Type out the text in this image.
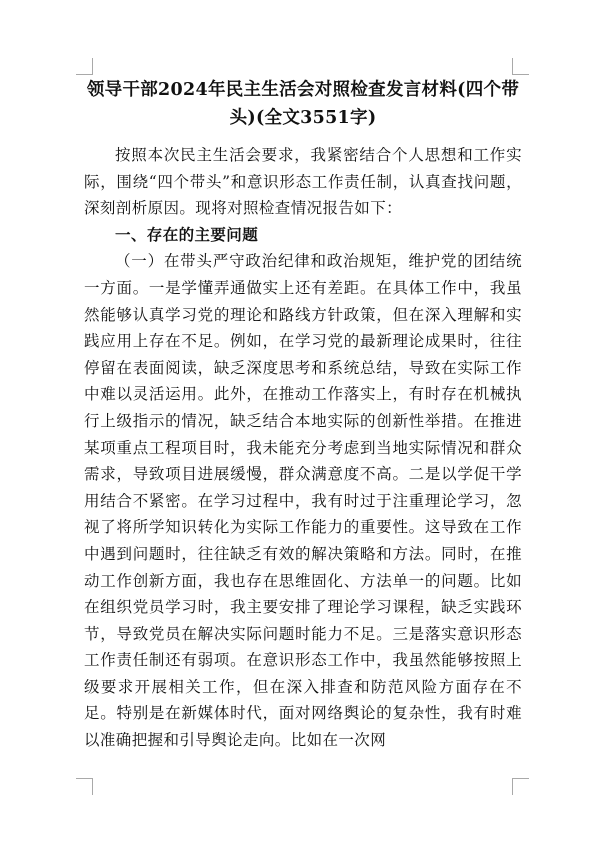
领导干部2024年民主生活会对照检查发言材料(四个带头)(全文3551字)

按照本次民主生活会要求，我紧密结合个人思想和工作实际，围绕“四个带头”和意识形态工作责任制，认真查找问题，深刻剖析原因。现将对照检查情况报告如下：

一、存在的主要问题

（一）在带头严守政治纪律和政治规矩，维护党的团结统一方面。一是学懂弄通做实上还有差距。在具体工作中，我虽然能够认真学习党的理论和路线方针政策，但在深入理解和实践应用上存在不足。例如，在学习党的最新理论成果时，往往停留在表面阅读，缺乏深度思考和系统总结，导致在实际工作中难以灵活运用。此外，在推动工作落实上，有时存在机械执行上级指示的情况，缺乏结合本地实际的创新性举措。在推进某项重点工程项目时，我未能充分考虑到当地实际情况和群众需求，导致项目进展缓慢，群众满意度不高。二是以学促干学用结合不紧密。在学习过程中，我有时过于注重理论学习，忽视了将所学知识转化为实际工作能力的重要性。这导致在工作中遇到问题时，往往缺乏有效的解决策略和方法。同时，在推动工作创新方面，我也存在思维固化、方法单一的问题。比如在组织党员学习时，我主要安排了理论学习课程，缺乏实践环节，导致党员在解决实际问题时能力不足。三是落实意识形态工作责任制还有弱项。在意识形态工作中，我虽然能够按照上级要求开展相关工作，但在深入排查和防范风险方面存在不足。特别是在新媒体时代，面对网络舆论的复杂性，我有时难以准确把握和引导舆论走向。比如在一次网
